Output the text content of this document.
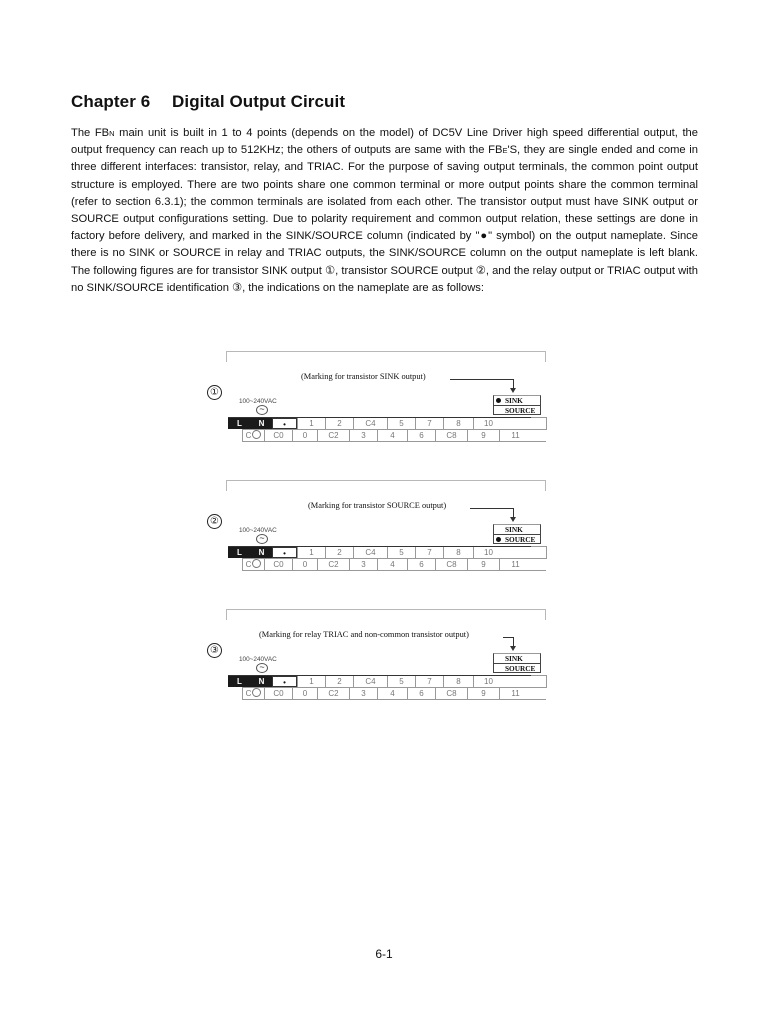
Chapter 6 Digital Output Circuit

The FBN main unit is built in 1 to 4 points (depends on the model) of DC5V Line Driver high speed differential output, the output frequency can reach up to 512KHz; the others of outputs are same with the FBE'S, they are single ended and come in three different interfaces: transistor, relay, and TRIAC. For the purpose of saving output terminals, the common point output structure is employed. There are two points share one common terminal or more output points share the common terminal (refer to section 6.3.1); the common terminals are isolated from each other. The transistor output must have SINK output or SOURCE output configurations setting. Due to polarity requirement and common output relation, these settings are done in factory before delivery, and marked in the SINK/SOURCE column (indicated by "●" symbol) on the output nameplate. Since there is no SINK or SOURCE in relay and TRIAC outputs, the SINK/SOURCE column on the output nameplate is left blank. The following figures are for transistor SINK output ①, transistor SOURCE output ②, and the relay output or TRIAC output with no SINK/SOURCE identification ③, the indications on the nameplate are as follows:

①
(Marking for transistor SINK output)
100~240VAC
~
SINK
SOURCE
L	N	•	1	2	C4	5	7	8	10
C	C0	0	C2	3	4	6	C8	9	11
②
(Marking for transistor SOURCE output)
100~240VAC
~
SINK
SOURCE
L	N	•	1	2	C4	5	7	8	10
C	C0	0	C2	3	4	6	C8	9	11
③
(Marking for relay TRIAC and non-common transistor output)
100~240VAC
~
SINK
SOURCE
L	N	•	1	2	C4	5	7	8	10
C	C0	0	C2	3	4	6	C8	9	11
6-1
